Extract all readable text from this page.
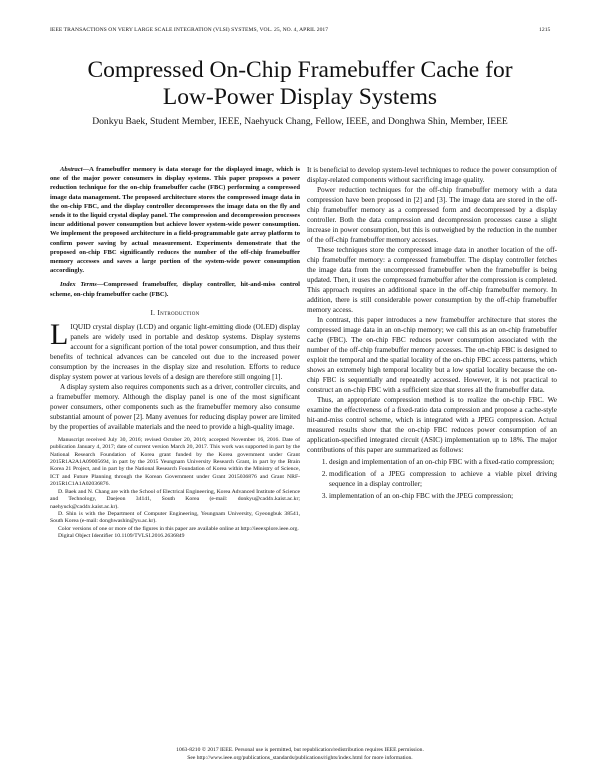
IEEE TRANSACTIONS ON VERY LARGE SCALE INTEGRATION (VLSI) SYSTEMS, VOL. 25, NO. 4, APRIL 2017	1215
Compressed On-Chip Framebuffer Cache for
Low-Power Display Systems
Donkyu Baek, Student Member, IEEE, Naehyuck Chang, Fellow, IEEE, and Donghwa Shin, Member, IEEE

Abstract—A framebuffer memory is data storage for the displayed image, which is one of the major power consumers in display systems. This paper proposes a power reduction technique for the on-chip framebuffer cache (FBC) performing a compressed image data management. The proposed architecture stores the compressed image data in the on-chip FBC, and the display controller decompresses the image data on the fly and sends it to the liquid crystal display panel. The compression and decompression processes incur additional power consumption but achieve lower system-wide power consumption. We implement the proposed architecture in a field-programmable gate array platform to confirm power saving by actual measurement. Experiments demonstrate that the proposed on-chip FBC significantly reduces the number of the off-chip framebuffer memory accesses and saves a large portion of the system-wide power consumption accordingly.

Index Terms—Compressed framebuffer, display controller, hit-and-miss control scheme, on-chip framebuffer cache (FBC).

I. Introduction

LIQUID crystal display (LCD) and organic light-emitting diode (OLED) display panels are widely used in portable and desktop systems. Display systems account for a significant portion of the total power consumption, and thus their benefits of technical advances can be canceled out due to the increased power consumption by the increases in the display size and resolution. Efforts to reduce display system power at various levels of a design are therefore still ongoing [1].

A display system also requires components such as a driver, controller circuits, and a framebuffer memory. Although the display panel is one of the most significant power consumers, other components such as the framebuffer memory also consume substantial amount of power [2]. Many avenues for reducing display power are limited by the properties of available materials and the need to provide a high-quality image.

Manuscript received July 30, 2016; revised October 20, 2016; accepted November 16, 2016. Date of publication January 4, 2017; date of current version March 20, 2017. This work was supported in part by the National Research Foundation of Korea grant funded by the Korea government under Grant 2015R1A2A1A09005694, in part by the 2015 Yeungnam University Research Grant, in part by the Brain Korea 21 Project, and in part by the National Research Foundation of Korea within the Ministry of Science, ICT and Future Planning through the Korean Government under Grant 2015036876 and Grant NRF-2015R1C1A1A02036876.

D. Baek and N. Chang are with the School of Electrical Engineering, Korea Advanced Institute of Science and Technology, Daejeon 34141, South Korea (e-mail: donkyu@cad4x.kaist.ac.kr; naehyuck@cad4x.kaist.ac.kr).

D. Shin is with the Department of Computer Engineering, Yeungnam University, Gyeongbuk 38541, South Korea (e-mail: donghwashin@yu.ac.kr).

Color versions of one or more of the figures in this paper are available online at http://ieeexplore.ieee.org.

Digital Object Identifier 10.1109/TVLSI.2016.2636849

It is beneficial to develop system-level techniques to reduce the power consumption of display-related components without sacrificing image quality.

Power reduction techniques for the off-chip framebuffer memory with a data compression have been proposed in [2] and [3]. The image data are stored in the off-chip framebuffer memory as a compressed form and decompressed by a display controller. Both the data compression and decompression processes cause a slight increase in power consumption, but this is outweighed by the reduction in the number of the off-chip framebuffer memory accesses.

These techniques store the compressed image data in another location of the off-chip framebuffer memory: a compressed framebuffer. The display controller fetches the image data from the uncompressed framebuffer when the framebuffer is being updated. Then, it uses the compressed framebuffer after the compression is completed. This approach requires an additional space in the off-chip framebuffer memory. In addition, there is still considerable power consumption by the off-chip framebuffer memory access.

In contrast, this paper introduces a new framebuffer architecture that stores the compressed image data in an on-chip memory; we call this as an on-chip framebuffer cache (FBC). The on-chip FBC reduces power consumption associated with the number of the off-chip framebuffer memory accesses. The on-chip FBC is designed to exploit the temporal and the spatial locality of the on-chip FBC access patterns, which shows an extremely high temporal locality but a low spatial locality because the on-chip FBC is sequentially and repeatedly accessed. However, it is not practical to construct an on-chip FBC with a sufficient size that stores all the framebuffer data.

Thus, an appropriate compression method is to realize the on-chip FBC. We examine the effectiveness of a fixed-ratio data compression and propose a cache-style hit-and-miss control scheme, which is integrated with a JPEG compression. Actual measured results show that the on-chip FBC reduces power consumption of an application-specified integrated circuit (ASIC) implementation up to 18%. The major contributions of this paper are summarized as follows:

1. design and implementation of an on-chip FBC with a fixed-ratio compression;
2. modification of a JPEG compression to achieve a viable pixel driving sequence in a display controller;
3. implementation of an on-chip FBC with the JPEG compression;
1063-8210 © 2017 IEEE. Personal use is permitted, but republication/redistribution requires IEEE permission.
See http://www.ieee.org/publications_standards/publications/rights/index.html for more information.
